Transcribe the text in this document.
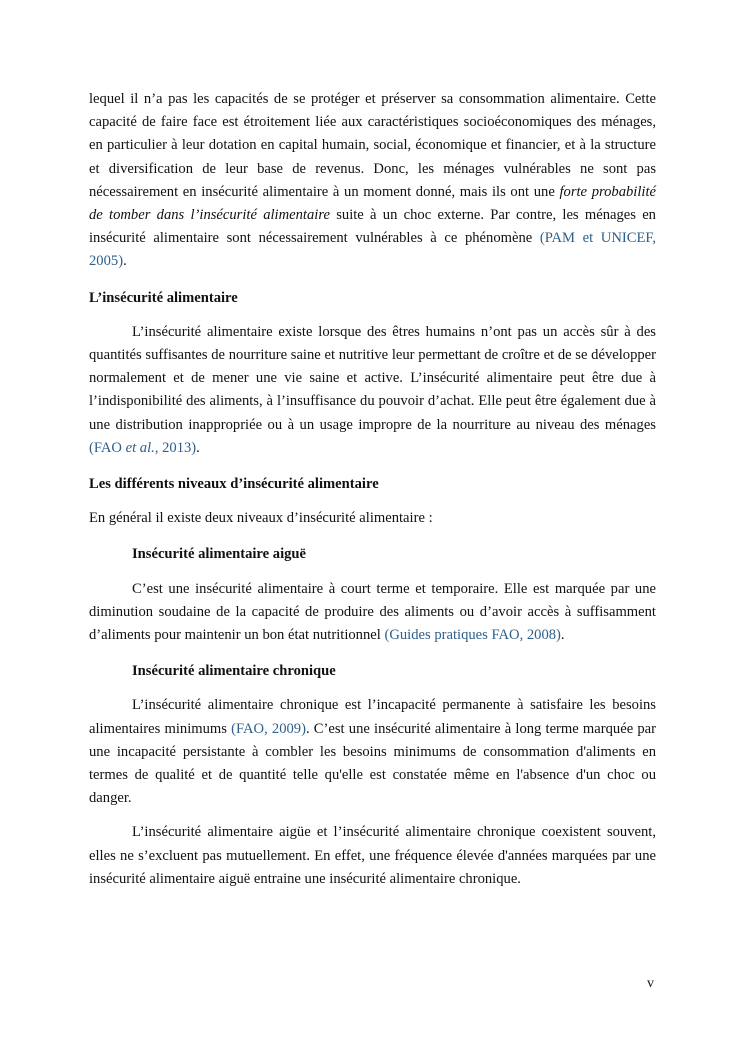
lequel il n’a pas les capacités de se protéger et préserver sa consommation alimentaire. Cette capacité de faire face est étroitement liée aux caractéristiques socioéconomiques des ménages, en particulier à leur dotation en capital humain, social, économique et financier, et à la structure et diversification de leur base de revenus. Donc, les ménages vulnérables ne sont pas nécessairement en insécurité alimentaire à un moment donné, mais ils ont une forte probabilité de tomber dans l’insécurité alimentaire suite à un choc externe. Par contre, les ménages en insécurité alimentaire sont nécessairement vulnérables à ce phénomène (PAM et UNICEF, 2005).

L’insécurité alimentaire

L’insécurité alimentaire existe lorsque des êtres humains n’ont pas un accès sûr à des quantités suffisantes de nourriture saine et nutritive leur permettant de croître et de se développer normalement et de mener une vie saine et active. L’insécurité alimentaire peut être due à l’indisponibilité des aliments, à l’insuffisance du pouvoir d’achat. Elle peut être également due à une distribution inappropriée ou à un usage impropre de la nourriture au niveau des ménages (FAO et al., 2013).

Les différents niveaux d’insécurité alimentaire

En général il existe deux niveaux d’insécurité alimentaire :

Insécurité alimentaire aiguë

C’est une insécurité alimentaire à court terme et temporaire. Elle est marquée par une diminution soudaine de la capacité de produire des aliments ou d’avoir accès à suffisamment d’aliments pour maintenir un bon état nutritionnel (Guides pratiques FAO, 2008).

Insécurité alimentaire chronique

L’insécurité alimentaire chronique est l’incapacité permanente à satisfaire les besoins alimentaires minimums (FAO, 2009). C’est une insécurité alimentaire à long terme marquée par une incapacité persistante à combler les besoins minimums de consommation d'aliments en termes de qualité et de quantité telle qu'elle est constatée même en l'absence d'un choc ou danger.

L’insécurité alimentaire aigüe et l’insécurité alimentaire chronique coexistent souvent, elles ne s’excluent pas mutuellement. En effet, une fréquence élevée d'années marquées par une insécurité alimentaire aiguë entraine une insécurité alimentaire chronique.

v
